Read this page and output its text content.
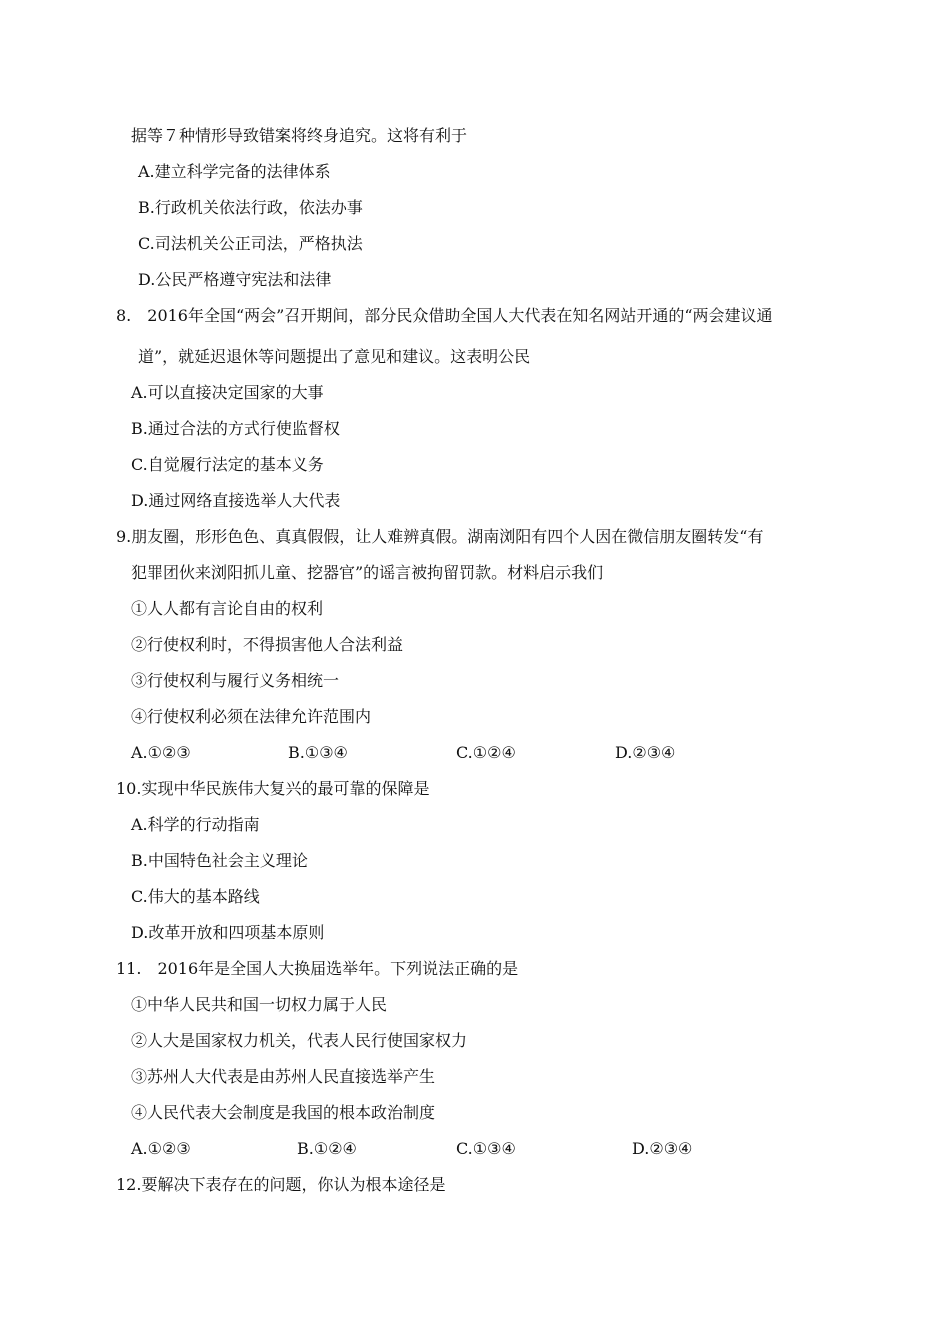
据等７种情形导致错案将终身追究。这将有利于
A.建立科学完备的法律体系
B.行政机关依法行政，依法办事
C.司法机关公正司法，严格执法
D.公民严格遵守宪法和法律
8.　2016年全国“两会”召开期间，部分民众借助全国人大代表在知名网站开通的“两会建议通
道”，就延迟退休等问题提出了意见和建议。这表明公民
A.可以直接决定国家的大事
B.通过合法的方式行使监督权
C.自觉履行法定的基本义务
D.通过网络直接选举人大代表
9.朋友圈，形形色色、真真假假，让人难辨真假。湖南浏阳有四个人因在微信朋友圈转发“有
犯罪团伙来浏阳抓儿童、挖器官”的谣言被拘留罚款。材料启示我们
①人人都有言论自由的权利
②行使权利时，不得损害他人合法利益
③行使权利与履行义务相统一
④行使权利必须在法律允许范围内
A.①②③	B.①③④	C.①②④	D.②③④
10.实现中华民族伟大复兴的最可靠的保障是
A.科学的行动指南
B.中国特色社会主义理论
C.伟大的基本路线
D.改革开放和四项基本原则
11.　2016年是全国人大换届选举年。下列说法正确的是
①中华人民共和国一切权力属于人民
②人大是国家权力机关，代表人民行使国家权力
③苏州人大代表是由苏州人民直接选举产生
④人民代表大会制度是我国的根本政治制度
A.①②③	B.①②④	C.①③④	D.②③④
12.要解决下表存在的问题，你认为根本途径是
